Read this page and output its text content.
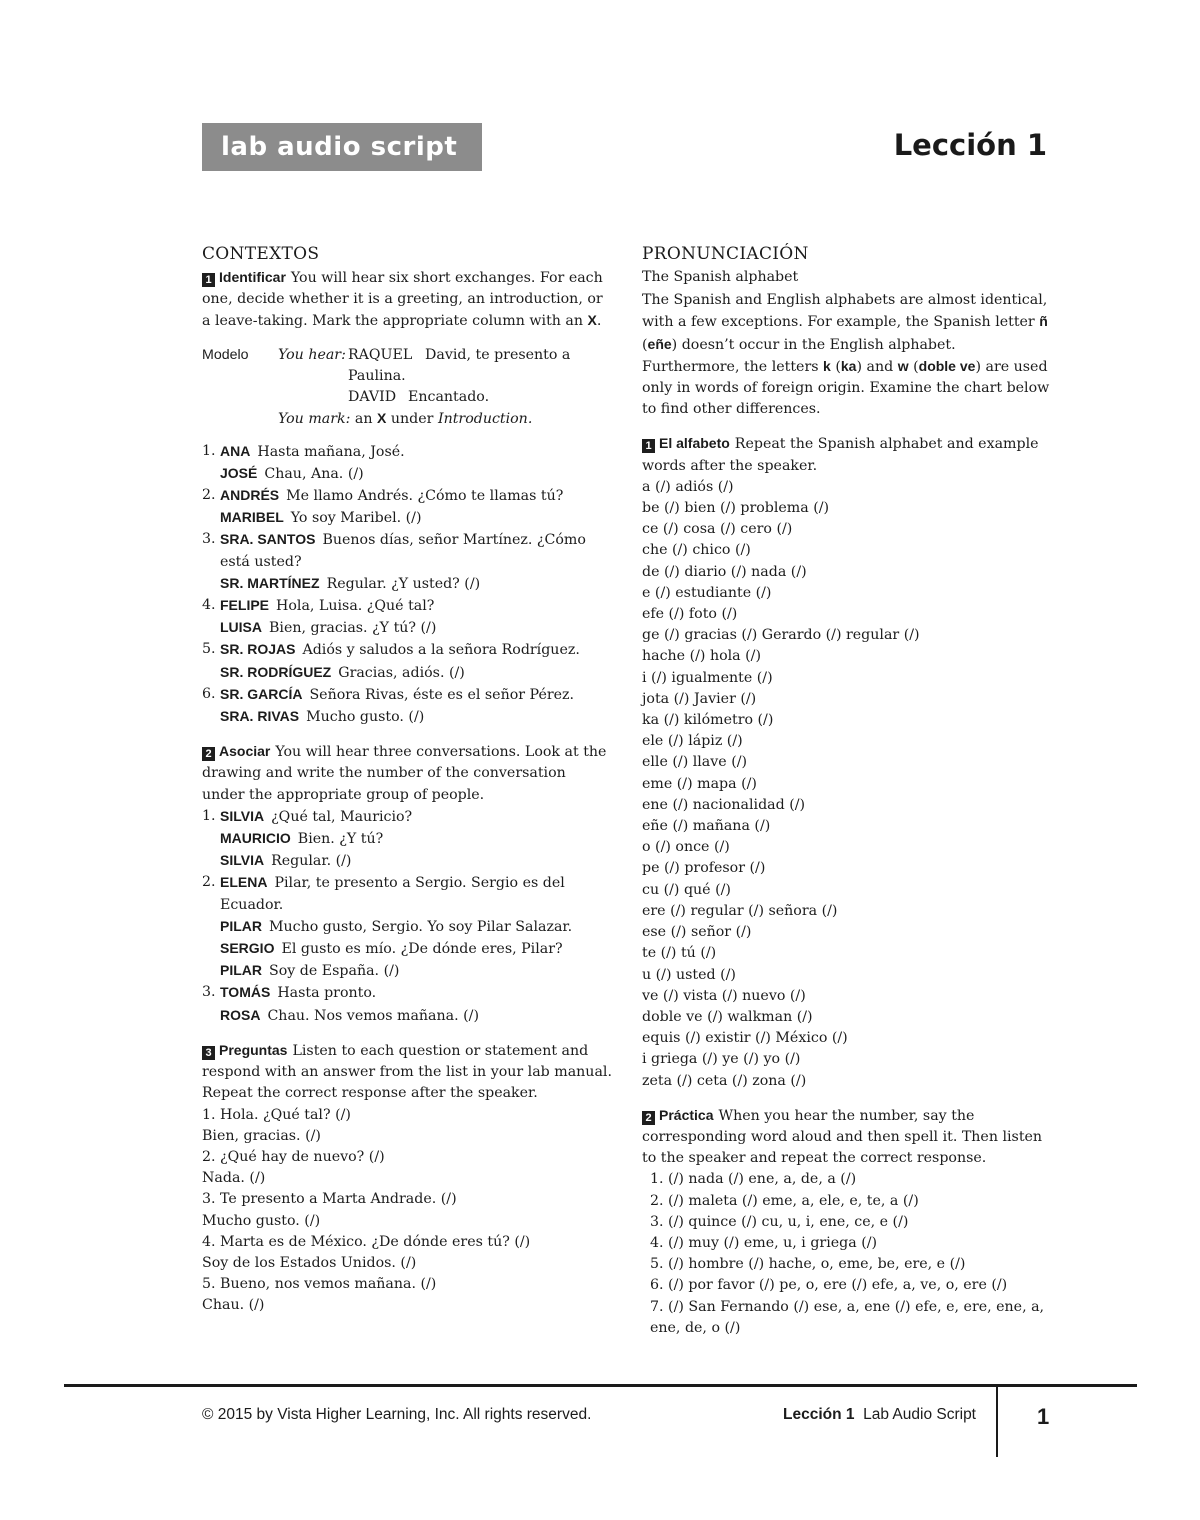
lab audio script	Lección 1
CONTEXTOS

1 Identificar You will hear six short exchanges. For each one, decide whether it is a greeting, an introduction, or a leave-taking. Mark the appropriate column with an X.

Modelo You hear: RAQUEL David, te presento a
Paulina.
DAVID Encantado.
You mark: an X under Introduction.
1. ANA Hasta mañana, José.
JOSÉ Chau, Ana. (/)
2. ANDRÉS Me llamo Andrés. ¿Cómo te llamas tú?
MARIBEL Yo soy Maribel. (/)
3. SRA. SANTOS Buenos días, señor Martínez. ¿Cómo
está usted?
SR. MARTÍNEZ Regular. ¿Y usted? (/)
4. FELIPE Hola, Luisa. ¿Qué tal?
LUISA Bien, gracias. ¿Y tú? (/)
5. SR. ROJAS Adiós y saludos a la señora Rodríguez.
SR. RODRÍGUEZ Gracias, adiós. (/)
6. SR. GARCÍA Señora Rivas, éste es el señor Pérez.
SRA. RIVAS Mucho gusto. (/)

2 Asociar You will hear three conversations. Look at the drawing and write the number of the conversation under the appropriate group of people.

1. SILVIA ¿Qué tal, Mauricio?
MAURICIO Bien. ¿Y tú?
SILVIA Regular. (/)
2. ELENA Pilar, te presento a Sergio. Sergio es del
Ecuador.
PILAR Mucho gusto, Sergio. Yo soy Pilar Salazar.
SERGIO El gusto es mío. ¿De dónde eres, Pilar?
PILAR Soy de España. (/)
3. TOMÁS Hasta pronto.
ROSA Chau. Nos vemos mañana. (/)

3 Preguntas Listen to each question or statement and respond with an answer from the list in your lab manual. Repeat the correct response after the speaker.

1. Hola. ¿Qué tal? (/)
Bien, gracias. (/)
2. ¿Qué hay de nuevo? (/)
Nada. (/)
3. Te presento a Marta Andrade. (/)
Mucho gusto. (/)
4. Marta es de México. ¿De dónde eres tú? (/)
Soy de los Estados Unidos. (/)
5. Bueno, nos vemos mañana. (/)
Chau. (/)
PRONUNCIACIÓN

The Spanish alphabet

The Spanish and English alphabets are almost identical, with a few exceptions. For example, the Spanish letter ñ (eñe) doesn’t occur in the English alphabet. Furthermore, the letters k (ka) and w (doble ve) are used only in words of foreign origin. Examine the chart below to find other differences.

1 El alfabeto Repeat the Spanish alphabet and example words after the speaker.

a (/) adiós (/)
be (/) bien (/) problema (/)
ce (/) cosa (/) cero (/)
che (/) chico (/)
de (/) diario (/) nada (/)
e (/) estudiante (/)
efe (/) foto (/)
ge (/) gracias (/) Gerardo (/) regular (/)
hache (/) hola (/)
i (/) igualmente (/)
jota (/) Javier (/)
ka (/) kilómetro (/)
ele (/) lápiz (/)
elle (/) llave (/)
eme (/) mapa (/)
ene (/) nacionalidad (/)
eñe (/) mañana (/)
o (/) once (/)
pe (/) profesor (/)
cu (/) qué (/)
ere (/) regular (/) señora (/)
ese (/) señor (/)
te (/) tú (/)
u (/) usted (/)
ve (/) vista (/) nuevo (/)
doble ve (/) walkman (/)
equis (/) existir (/) México (/)
i griega (/) ye (/) yo (/)
zeta (/) ceta (/) zona (/)

2 Práctica When you hear the number, say the corresponding word aloud and then spell it. Then listen to the speaker and repeat the correct response.

1. (/) nada (/) ene, a, de, a (/)
2. (/) maleta (/) eme, a, ele, e, te, a (/)
3. (/) quince (/) cu, u, i, ene, ce, e (/)
4. (/) muy (/) eme, u, i griega (/)
5. (/) hombre (/) hache, o, eme, be, ere, e (/)
6. (/) por favor (/) pe, o, ere (/) efe, a, ve, o, ere (/)
7. (/) San Fernando (/) ese, a, ene (/) efe, e, ere, ene, a,
ene, de, o (/)
© 2015 by Vista Higher Learning, Inc. All rights reserved.	Lección 1 Lab Audio Script	1
